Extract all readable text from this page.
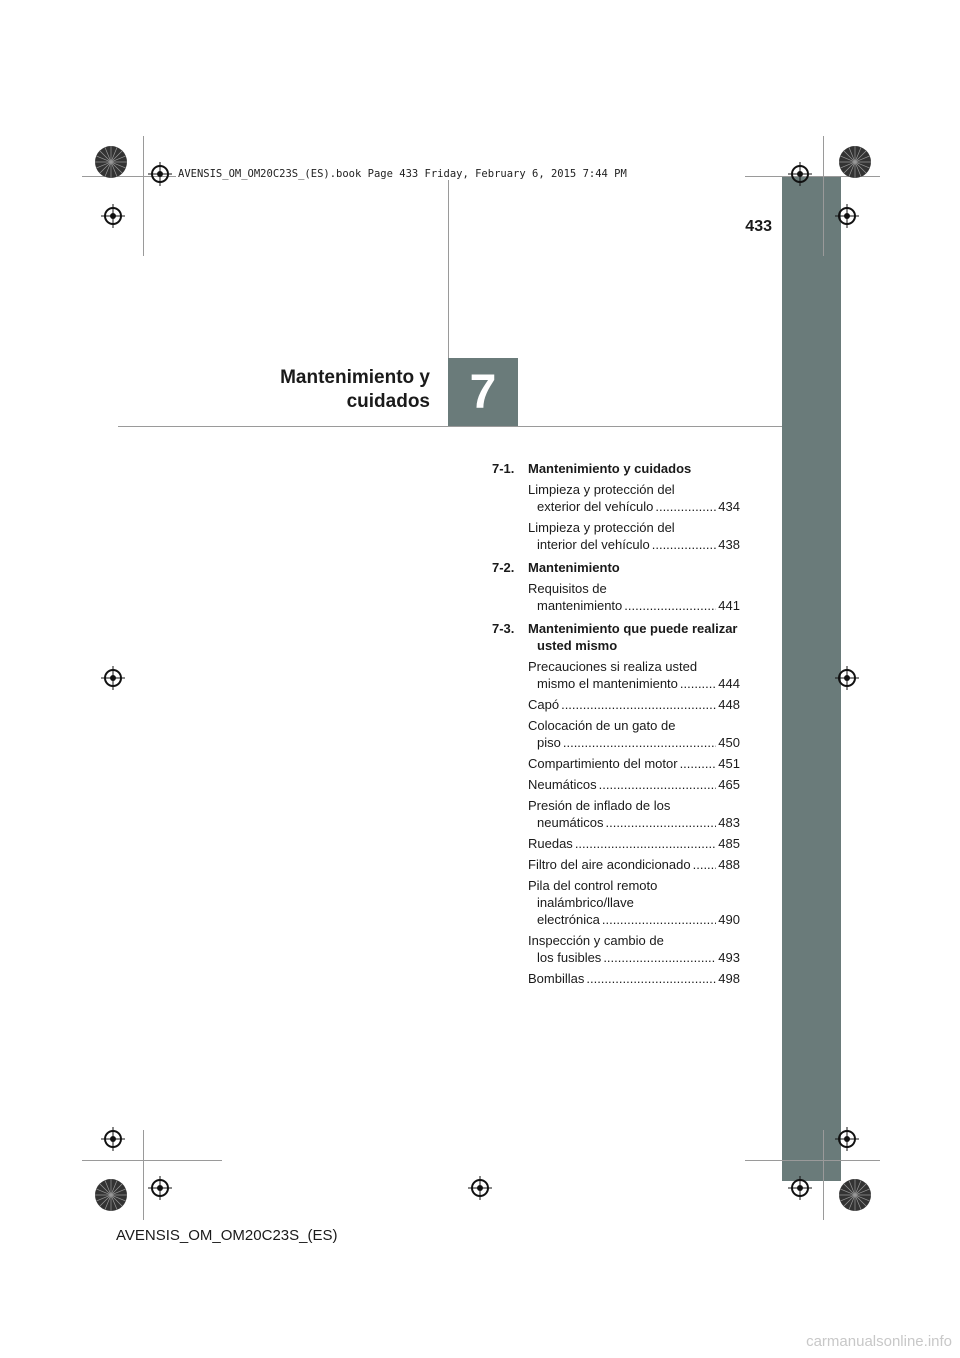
AVENSIS_OM_OM20C23S_(ES).book Page 433 Friday, February 6, 2015 7:44 PM
433
7
Mantenimiento y
cuidados
7-1.	Mantenimiento y cuidados
Limpieza y protección del
exterior del vehículo .....	434
Limpieza y protección del
interior del vehículo .....	438
7-2.	Mantenimiento
Requisitos de
mantenimiento .....	441
7-3.	Mantenimiento que puede realizar usted mismo
Precauciones si realiza usted
mismo el mantenimiento .....	444
Capó .....	448
Colocación de un gato de
piso .....	450
Compartimiento del motor .....	451
Neumáticos .....	465
Presión de inflado de los
neumáticos .....	483
Ruedas .....	485
Filtro del aire acondicionado ..... 488
Pila del control remoto
inalámbrico/llave
electrónica .....	490
Inspección y cambio de
los fusibles .....	493
Bombillas .....	498
AVENSIS_OM_OM20C23S_(ES)
carmanualsonline.info
